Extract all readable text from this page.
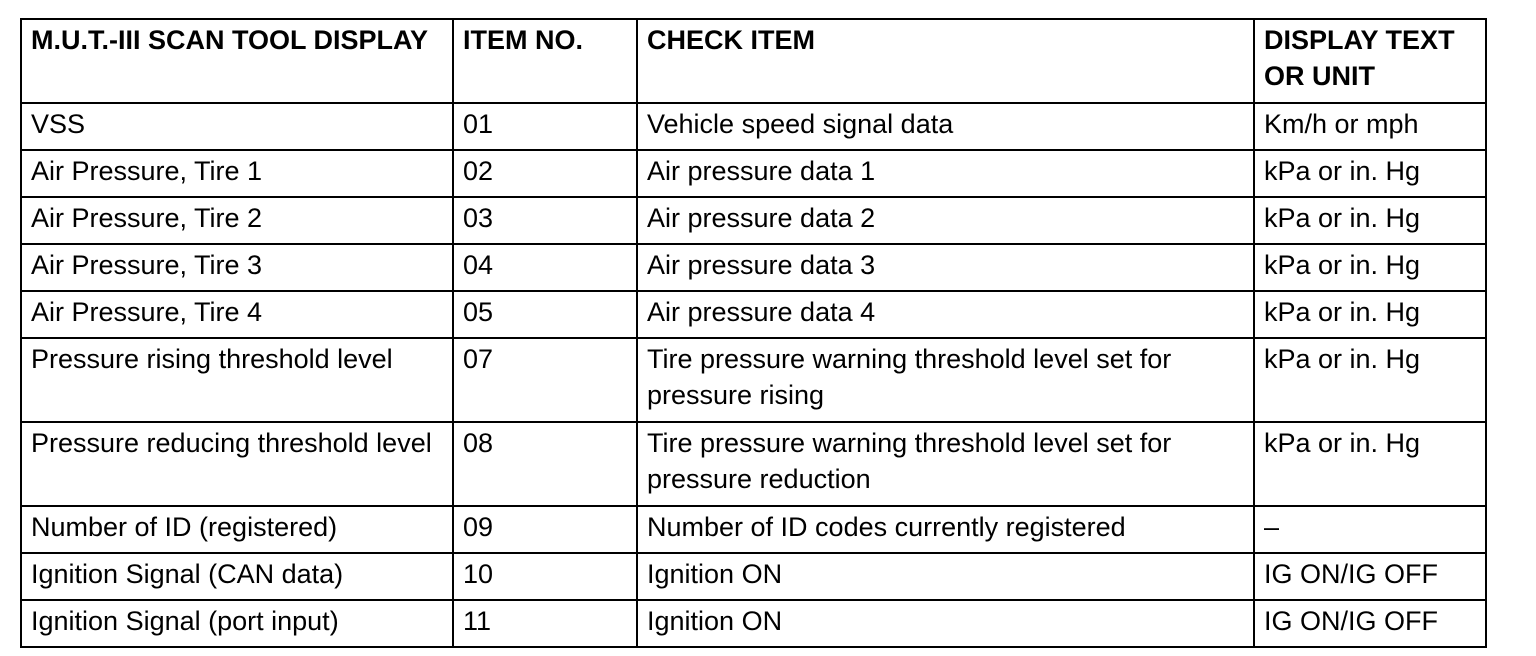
M.U.T.-III SCAN TOOL DISPLAY	ITEM NO.	CHECK ITEM	DISPLAY TEXT OR UNIT
VSS	01	Vehicle speed signal data	Km/h or mph
Air Pressure, Tire 1	02	Air pressure data 1	kPa or in. Hg
Air Pressure, Tire 2	03	Air pressure data 2	kPa or in. Hg
Air Pressure, Tire 3	04	Air pressure data 3	kPa or in. Hg
Air Pressure, Tire 4	05	Air pressure data 4	kPa or in. Hg
Pressure rising threshold level	07	Tire pressure warning threshold level set for pressure rising	kPa or in. Hg
Pressure reducing threshold level	08	Tire pressure warning threshold level set for pressure reduction	kPa or in. Hg
Number of ID (registered)	09	Number of ID codes currently registered	–
Ignition Signal (CAN data)	10	Ignition ON	IG ON/IG OFF
Ignition Signal (port input)	11	Ignition ON	IG ON/IG OFF
